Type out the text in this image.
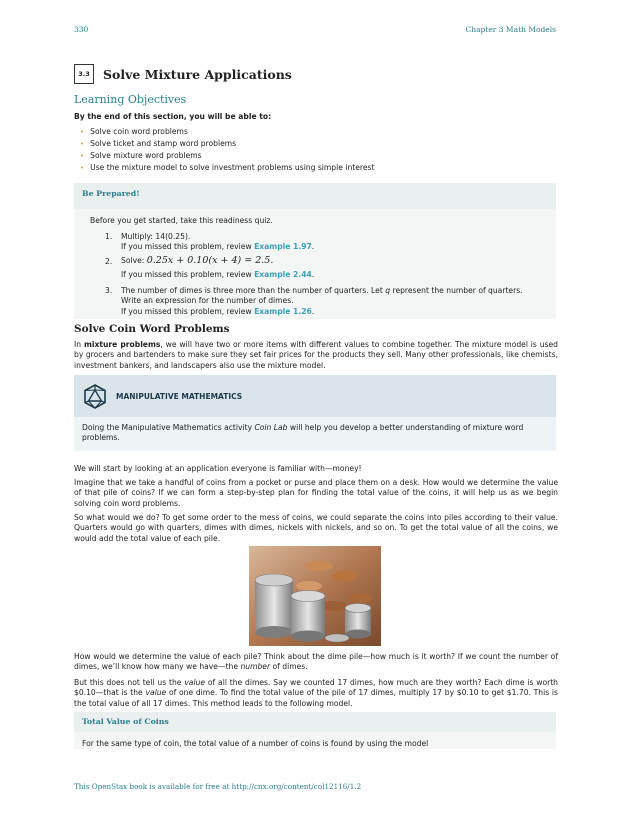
330	Chapter 3 Math Models
3.3	Solve Mixture Applications
Learning Objectives
By the end of this section, you will be able to:
• Solve coin word problems
• Solve ticket and stamp word problems
• Solve mixture word problems
• Use the mixture model to solve investment problems using simple interest
Be Prepared!
Before you get started, take this readiness quiz.
1. Multiply: 14(0.25).
If you missed this problem, review Example 1.97.
2. Solve: 0.25x + 0.10(x + 4) = 2.5.
If you missed this problem, review Example 2.44.
3. The number of dimes is three more than the number of quarters. Let q represent the number of quarters.
Write an expression for the number of dimes.
If you missed this problem, review Example 1.26.
Solve Coin Word Problems
In mixture problems, we will have two or more items with different values to combine together. The mixture model is used by grocers and bartenders to make sure they set fair prices for the products they sell. Many other professionals, like chemists, investment bankers, and landscapers also use the mixture model.
MANIPULATIVE MATHEMATICS
Doing the Manipulative Mathematics activity Coin Lab will help you develop a better understanding of mixture word problems.
We will start by looking at an application everyone is familiar with—money!
Imagine that we take a handful of coins from a pocket or purse and place them on a desk. How would we determine the value of that pile of coins? If we can form a step-by-step plan for finding the total value of the coins, it will help us as we begin solving coin word problems.
So what would we do? To get some order to the mess of coins, we could separate the coins into piles according to their value. Quarters would go with quarters, dimes with dimes, nickels with nickels, and so on. To get the total value of all the coins, we would add the total value of each pile.
How would we determine the value of each pile? Think about the dime pile—how much is it worth? If we count the number of dimes, we’ll know how many we have—the number of dimes.
But this does not tell us the value of all the dimes. Say we counted 17 dimes, how much are they worth? Each dime is worth $0.10—that is the value of one dime. To find the total value of the pile of 17 dimes, multiply 17 by $0.10 to get $1.70. This is the total value of all 17 dimes. This method leads to the following model.
Total Value of Coins
For the same type of coin, the total value of a number of coins is found by using the model
This OpenStax book is available for free at http://cnx.org/content/col12116/1.2
